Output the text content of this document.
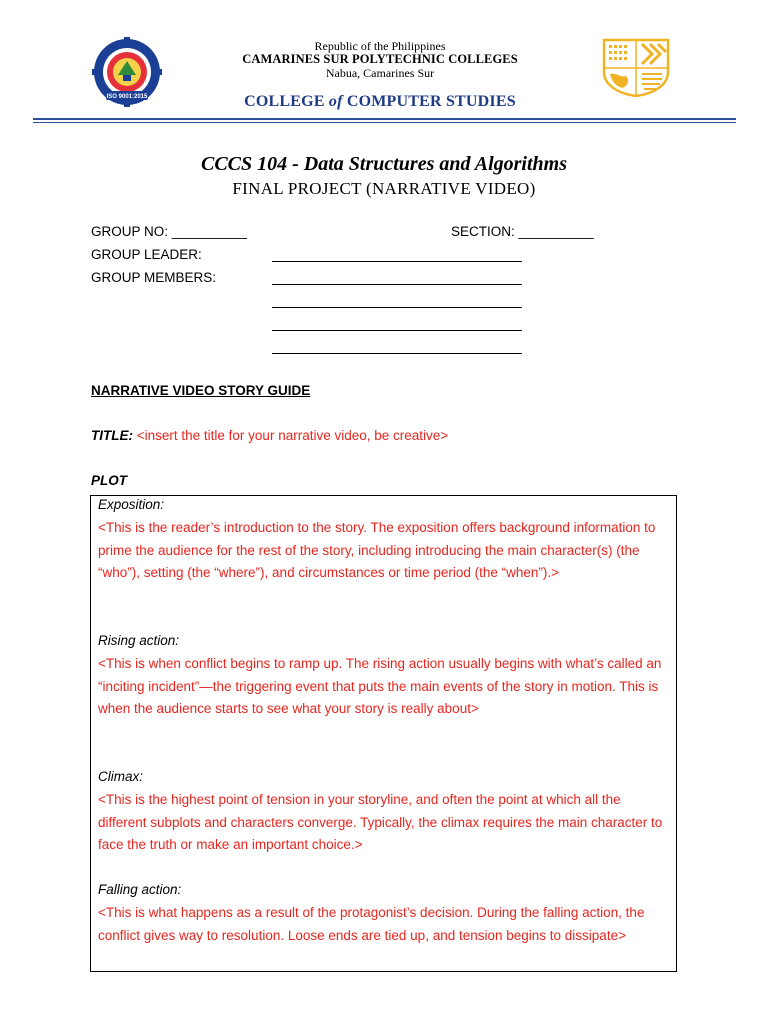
ISO 9001:2015
Republic of the Philippines
CAMARINES SUR POLYTECHNIC COLLEGES
Nabua, Camarines Sur
COLLEGE of COMPUTER STUDIES
CCCS 104 - Data Structures and Algorithms
FINAL PROJECT (NARRATIVE VIDEO)
GROUP NO: __________	SECTION: __________
GROUP LEADER:
GROUP MEMBERS:
NARRATIVE VIDEO STORY GUIDE
TITLE: <insert the title for your narrative video, be creative>
PLOT
Exposition:
<This is the reader’s introduction to the story. The exposition offers background information to prime the audience for the rest of the story, including introducing the main character(s) (the “who”), setting (the “where”), and circumstances or time period (the “when”).>
Rising action:
<This is when conflict begins to ramp up. The rising action usually begins with what’s called an “inciting incident”—the triggering event that puts the main events of the story in motion. This is when the audience starts to see what your story is really about>
Climax:
<This is the highest point of tension in your storyline, and often the point at which all the different subplots and characters converge. Typically, the climax requires the main character to face the truth or make an important choice.>
Falling action:
<This is what happens as a result of the protagonist’s decision. During the falling action, the conflict gives way to resolution. Loose ends are tied up, and tension begins to dissipate>
